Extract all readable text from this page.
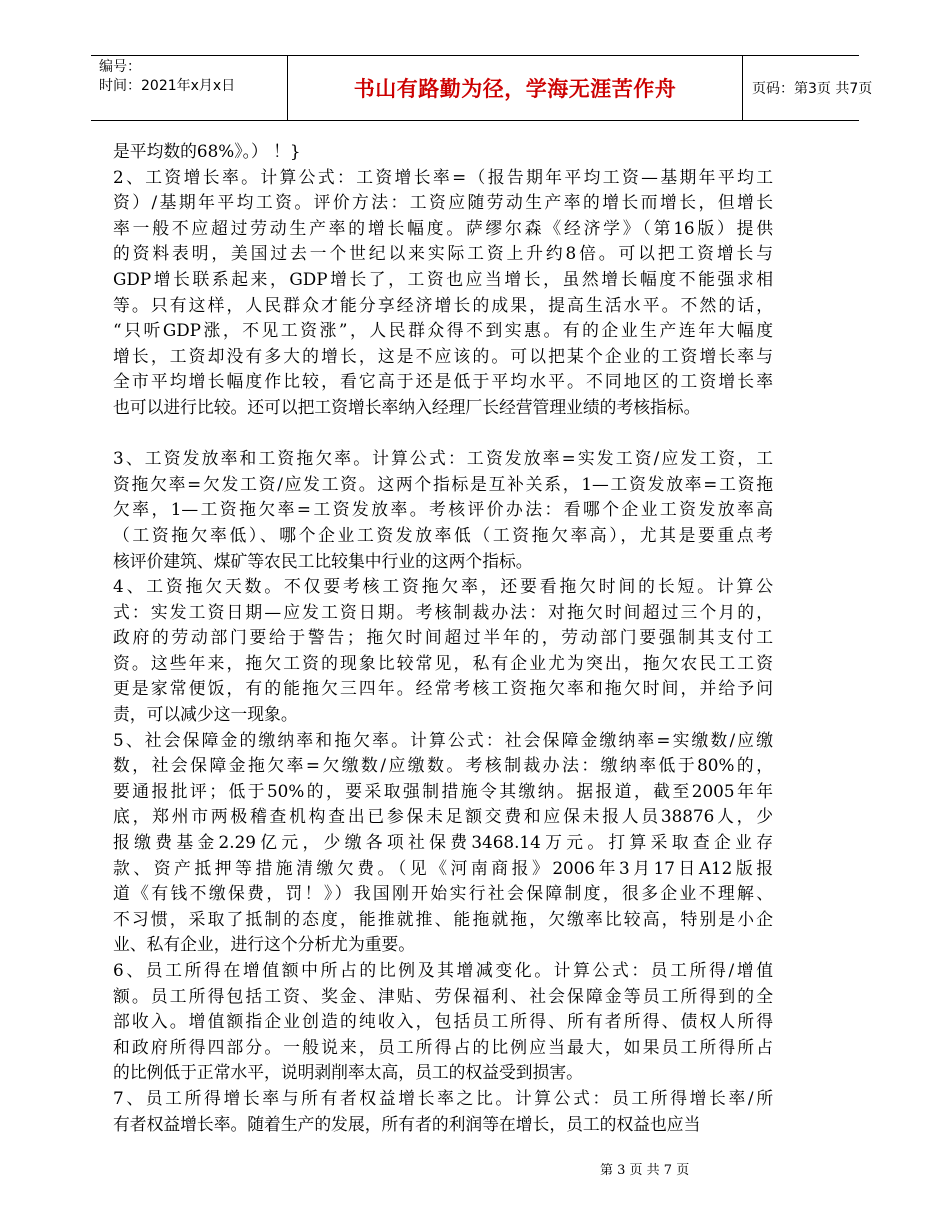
编号：
时间：2021年x月x日	书山有路勤为径，学海无涯苦作舟	页码：第3页 共7页
是平均数的68%》。） ！}
2、工资增长率。计算公式：工资增长率=（报告期年平均工资—基期年平均工
资）/基期年平均工资。评价方法：工资应随劳动生产率的增长而增长，但增长
率一般不应超过劳动生产率的增长幅度。萨缪尔森《经济学》（第16版）提供
的资料表明，美国过去一个世纪以来实际工资上升约8倍。可以把工资增长与
GDP增长联系起来，GDP增长了，工资也应当增长，虽然增长幅度不能强求相
等。只有这样，人民群众才能分享经济增长的成果，提高生活水平。不然的话，
“只听GDP涨，不见工资涨”，人民群众得不到实惠。有的企业生产连年大幅度
增长，工资却没有多大的增长，这是不应该的。可以把某个企业的工资增长率与
全市平均增长幅度作比较，看它高于还是低于平均水平。不同地区的工资增长率
也可以进行比较。还可以把工资增长率纳入经理厂长经营管理业绩的考核指标。
3、工资发放率和工资拖欠率。计算公式：工资发放率=实发工资/应发工资，工
资拖欠率=欠发工资/应发工资。这两个指标是互补关系，1—工资发放率=工资拖
欠率，1—工资拖欠率=工资发放率。考核评价办法：看哪个企业工资发放率高
（工资拖欠率低）、哪个企业工资发放率低（工资拖欠率高），尤其是要重点考
核评价建筑、煤矿等农民工比较集中行业的这两个指标。
4、工资拖欠天数。不仅要考核工资拖欠率，还要看拖欠时间的长短。计算公
式：实发工资日期—应发工资日期。考核制裁办法：对拖欠时间超过三个月的，
政府的劳动部门要给于警告；拖欠时间超过半年的，劳动部门要强制其支付工
资。这些年来，拖欠工资的现象比较常见，私有企业尤为突出，拖欠农民工工资
更是家常便饭，有的能拖欠三四年。经常考核工资拖欠率和拖欠时间，并给予问
责，可以减少这一现象。
5、社会保障金的缴纳率和拖欠率。计算公式：社会保障金缴纳率=实缴数/应缴
数，社会保障金拖欠率=欠缴数/应缴数。考核制裁办法：缴纳率低于80%的，
要通报批评；低于50%的，要采取强制措施令其缴纳。据报道，截至2005年年
底，郑州市两极稽查机构查出已参保未足额交费和应保未报人员38876人，少
报缴费基金2.29亿元，少缴各项社保费3468.14万元。打算采取查企业存
款、资产抵押等措施清缴欠费。（见《河南商报》2006年3月17日A12版报
道《有钱不缴保费，罚！》）我国刚开始实行社会保障制度，很多企业不理解、
不习惯，采取了抵制的态度，能推就推、能拖就拖，欠缴率比较高，特别是小企
业、私有企业，进行这个分析尤为重要。
6、员工所得在增值额中所占的比例及其增减变化。计算公式：员工所得/增值
额。员工所得包括工资、奖金、津贴、劳保福利、社会保障金等员工所得到的全
部收入。增值额指企业创造的纯收入，包括员工所得、所有者所得、债权人所得
和政府所得四部分。一般说来，员工所得占的比例应当最大，如果员工所得所占
的比例低于正常水平，说明剥削率太高，员工的权益受到损害。
7、员工所得增长率与所有者权益增长率之比。计算公式：员工所得增长率/所
有者权益增长率。随着生产的发展，所有者的利润等在增长，员工的权益也应当
第 3 页 共 7 页
